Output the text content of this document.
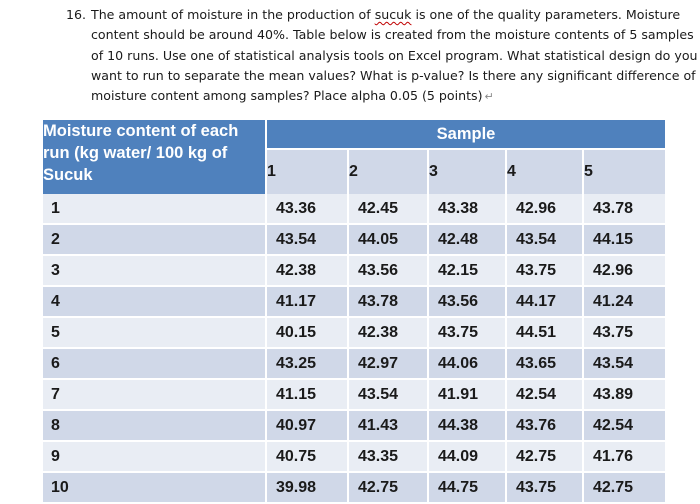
16. The amount of moisture in the production of sucuk is one of the quality parameters. Moisture
content should be around 40%. Table below is created from the moisture contents of 5 samples
of 10 runs. Use one of statistical analysis tools on Excel program. What statistical design do you
want to run to separate the mean values? What is p-value? Is there any significant difference of
moisture content among samples? Place alpha 0.05 (5 points) ↵
Moisture content of each
run (kg water/ 100 kg of
Sucuk	Sample				
	1	2	3	4	5
1	43.36	42.45	43.38	42.96	43.78
2	43.54	44.05	42.48	43.54	44.15
3	42.38	43.56	42.15	43.75	42.96
4	41.17	43.78	43.56	44.17	41.24
5	40.15	42.38	43.75	44.51	43.75
6	43.25	42.97	44.06	43.65	43.54
7	41.15	43.54	41.91	42.54	43.89
8	40.97	41.43	44.38	43.76	42.54
9	40.75	43.35	44.09	42.75	41.76
10	39.98	42.75	44.75	43.75	42.75
